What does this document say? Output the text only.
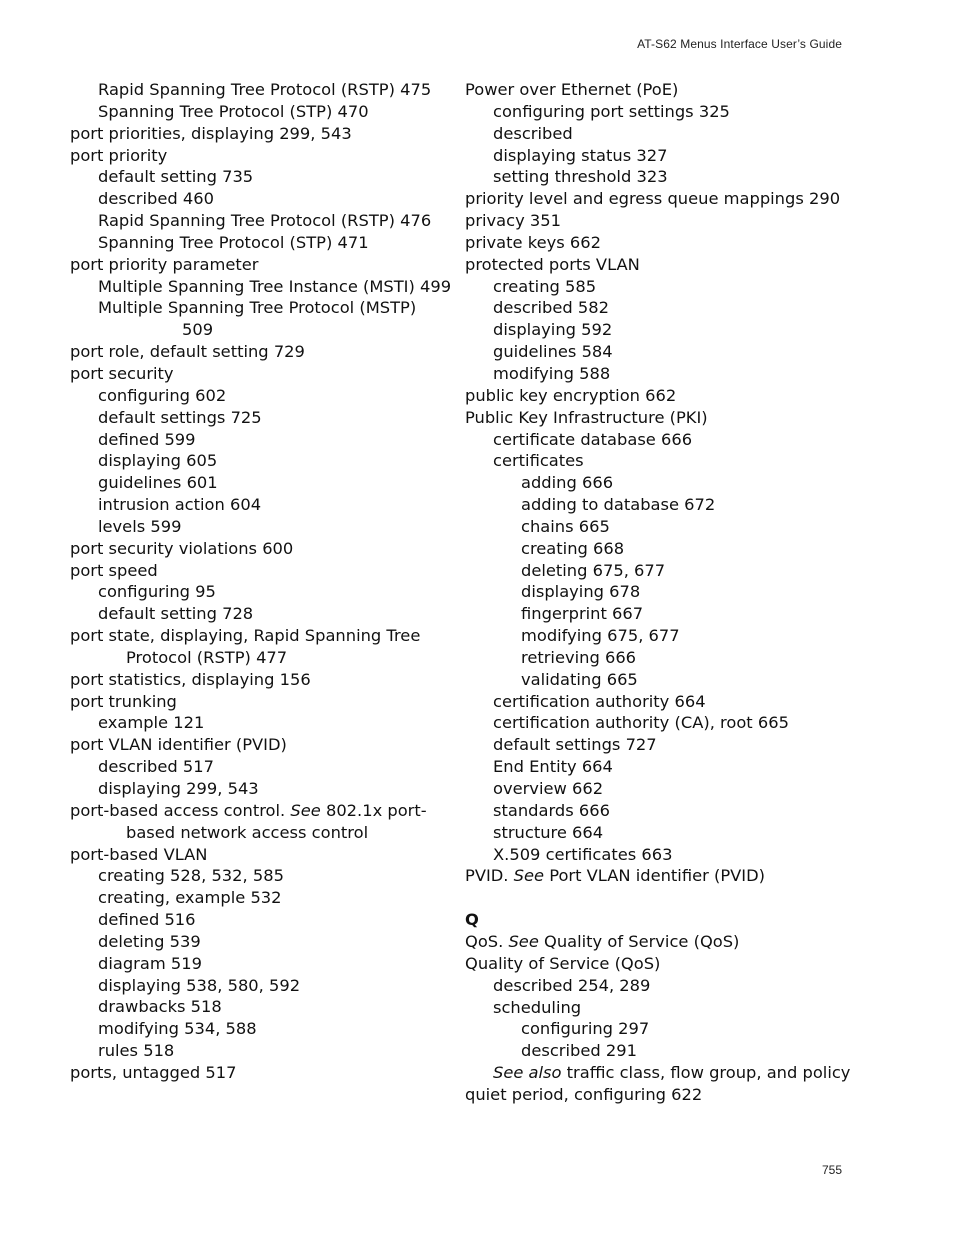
AT-S62 Menus Interface User’s Guide
Rapid Spanning Tree Protocol (RSTP) 475
Spanning Tree Protocol (STP) 470
port priorities, displaying 299, 543
port priority
default setting 735
described 460
Rapid Spanning Tree Protocol (RSTP) 476
Spanning Tree Protocol (STP) 471
port priority parameter
Multiple Spanning Tree Instance (MSTI) 499
Multiple Spanning Tree Protocol (MSTP)
509
port role, default setting 729
port security
configuring 602
default settings 725
defined 599
displaying 605
guidelines 601
intrusion action 604
levels 599
port security violations 600
port speed
configuring 95
default setting 728
port state, displaying, Rapid Spanning Tree
Protocol (RSTP) 477
port statistics, displaying 156
port trunking
example 121
port VLAN identifier (PVID)
described 517
displaying 299, 543
port-based access control. See 802.1x port-
based network access control
port-based VLAN
creating 528, 532, 585
creating, example 532
defined 516
deleting 539
diagram 519
displaying 538, 580, 592
drawbacks 518
modifying 534, 588
rules 518
ports, untagged 517
Power over Ethernet (PoE)
configuring port settings 325
described
displaying status 327
setting threshold 323
priority level and egress queue mappings 290
privacy 351
private keys 662
protected ports VLAN
creating 585
described 582
displaying 592
guidelines 584
modifying 588
public key encryption 662
Public Key Infrastructure (PKI)
certificate database 666
certificates
adding 666
adding to database 672
chains 665
creating 668
deleting 675, 677
displaying 678
fingerprint 667
modifying 675, 677
retrieving 666
validating 665
certification authority 664
certification authority (CA), root 665
default settings 727
End Entity 664
overview 662
standards 666
structure 664
X.509 certificates 663
PVID. See Port VLAN identifier (PVID)
Q
QoS. See Quality of Service (QoS)
Quality of Service (QoS)
described 254, 289
scheduling
configuring 297
described 291
See also traffic class, flow group, and policy
quiet period, configuring 622
755
